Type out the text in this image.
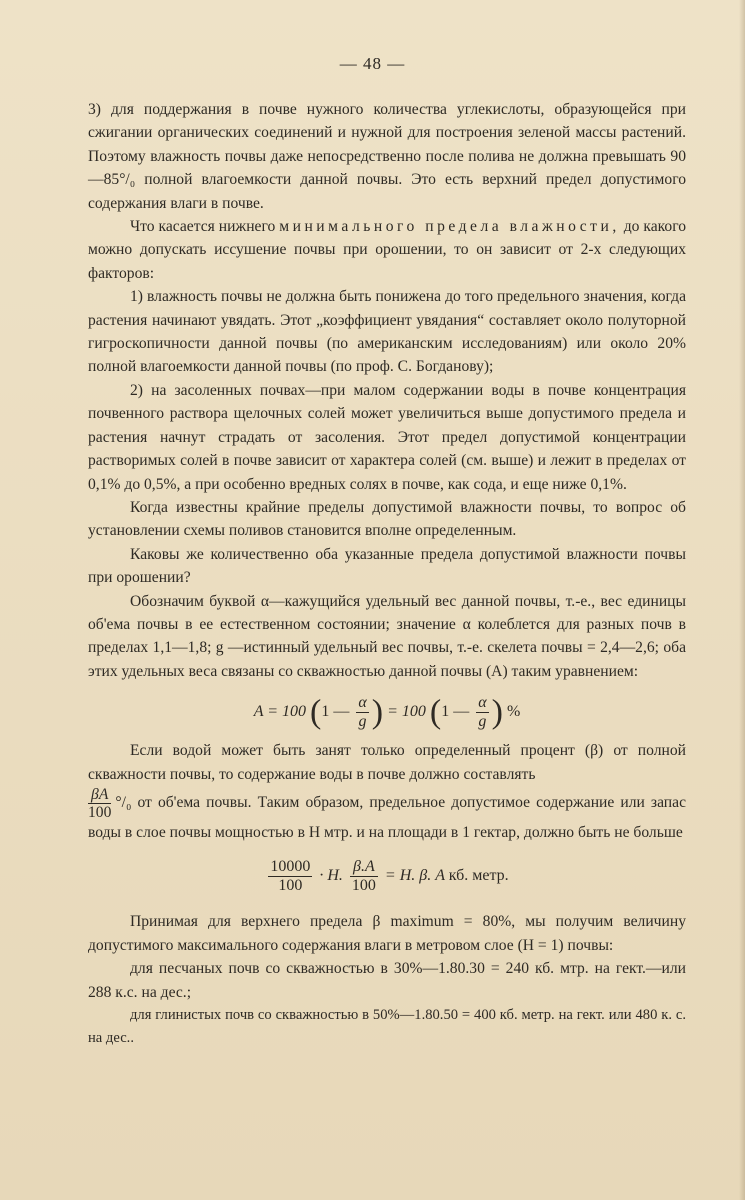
— 48 —

3) для поддержания в почве нужного количества углекислоты, образующейся при сжигании органических соединений и нужной для построения зеленой массы растений. Поэтому влажность почвы даже непосредственно после полива не должна превышать 90—85°/₀ полной влагоемкости данной почвы. Это есть верхний предел допустимого содержания влаги в почве.

Что касается нижнего минимального предела влажности, до какого можно допускать иссушение почвы при орошении, то он зависит от 2-х следующих факторов:

1) влажность почвы не должна быть понижена до того предельного значения, когда растения начинают увядать. Этот „коэффициент увядания“ составляет около полуторной гигроскопичности данной почвы (по американским исследованиям) или около 20% полной влагоемкости данной почвы (по проф. С. Богданову);

2) на засоленных почвах—при малом содержании воды в почве концентрация почвенного раствора щелочных солей может увеличиться выше допустимого предела и растения начнут страдать от засоления. Этот предел допустимой концентрации растворимых солей в почве зависит от характера солей (см. выше) и лежит в пределах от 0,1% до 0,5%, а при особенно вредных солях в почве, как сода, и еще ниже 0,1%.

Когда известны крайние пределы допустимой влажности почвы, то вопрос об установлении схемы поливов становится вполне определенным.

Каковы же количественно оба указанные предела допустимой влажности почвы при орошении?

Обозначим буквой α—кажущийся удельный вес данной почвы, т.-е., вес единицы об'ема почвы в ее естественном состоянии; значение α колеблется для разных почв в пределах 1,1—1,8; g —истинный удельный вес почвы, т.-е. скелета почвы = 2,4—2,6; оба этих удельных веса связаны со скважностью данной почвы (А) таким уравнением:

A = 100 (1 — $\frac{\alpha}{g}$ ) = 100 (1 — $\frac{\alpha}{g}$ ) %

Если водой может быть занят только определенный процент (β) от полной скважности почвы, то содержание воды в почве должно составлять

$\frac{\beta A}{100} ^\circ/_0$ от об'ема почвы. Таким образом, предельное допустимое содержание или запас воды в слое почвы мощностью в H мтр. и на площади в 1 гектар, должно быть не больше

$\frac{10000}{100} \cdot H$. $\frac{\beta.A}{100} = H$. β. A кб. метр.

Принимая для верхнего предела β maximum = 80%, мы получим величину допустимого максимального содержания влаги в метровом слое (H = 1) почвы:

для песчаных почв со скважностью в 30%—1.80.30 = 240 кб. мтр. на гект.—или 288 к.с. на дес.;

для глинистых почв со скважностью в 50%—1.80.50 = 400 кб. метр. на гект. или 480 к. с. на дес..
